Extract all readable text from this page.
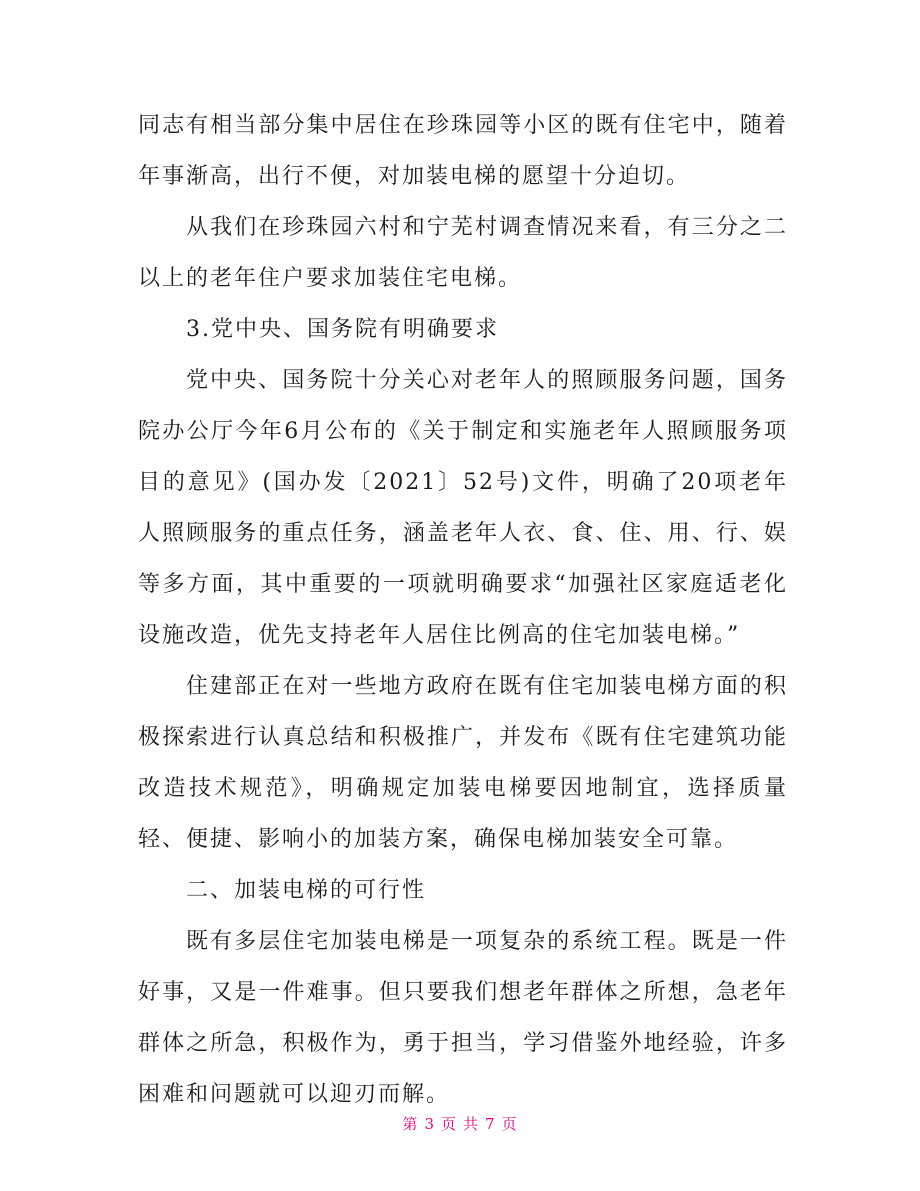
同志有相当部分集中居住在珍珠园等小区的既有住宅中，随着年事渐高，出行不便，对加装电梯的愿望十分迫切。

从我们在珍珠园六村和宁芜村调查情况来看，有三分之二以上的老年住户要求加装住宅电梯。

3.党中央、国务院有明确要求

党中央、国务院十分关心对老年人的照顾服务问题，国务院办公厅今年6月公布的《关于制定和实施老年人照顾服务项目的意见》(国办发〔2021〕52号)文件，明确了20项老年人照顾服务的重点任务，涵盖老年人衣、食、住、用、行、娱等多方面，其中重要的一项就明确要求“加强社区家庭适老化设施改造，优先支持老年人居住比例高的住宅加装电梯。”

住建部正在对一些地方政府在既有住宅加装电梯方面的积极探索进行认真总结和积极推广，并发布《既有住宅建筑功能改造技术规范》，明确规定加装电梯要因地制宜，选择质量轻、便捷、影响小的加装方案，确保电梯加装安全可靠。

二、加装电梯的可行性

既有多层住宅加装电梯是一项复杂的系统工程。既是一件好事，又是一件难事。但只要我们想老年群体之所想，急老年群体之所急，积极作为，勇于担当，学习借鉴外地经验，许多困难和问题就可以迎刃而解。

第 3 页 共 7 页
